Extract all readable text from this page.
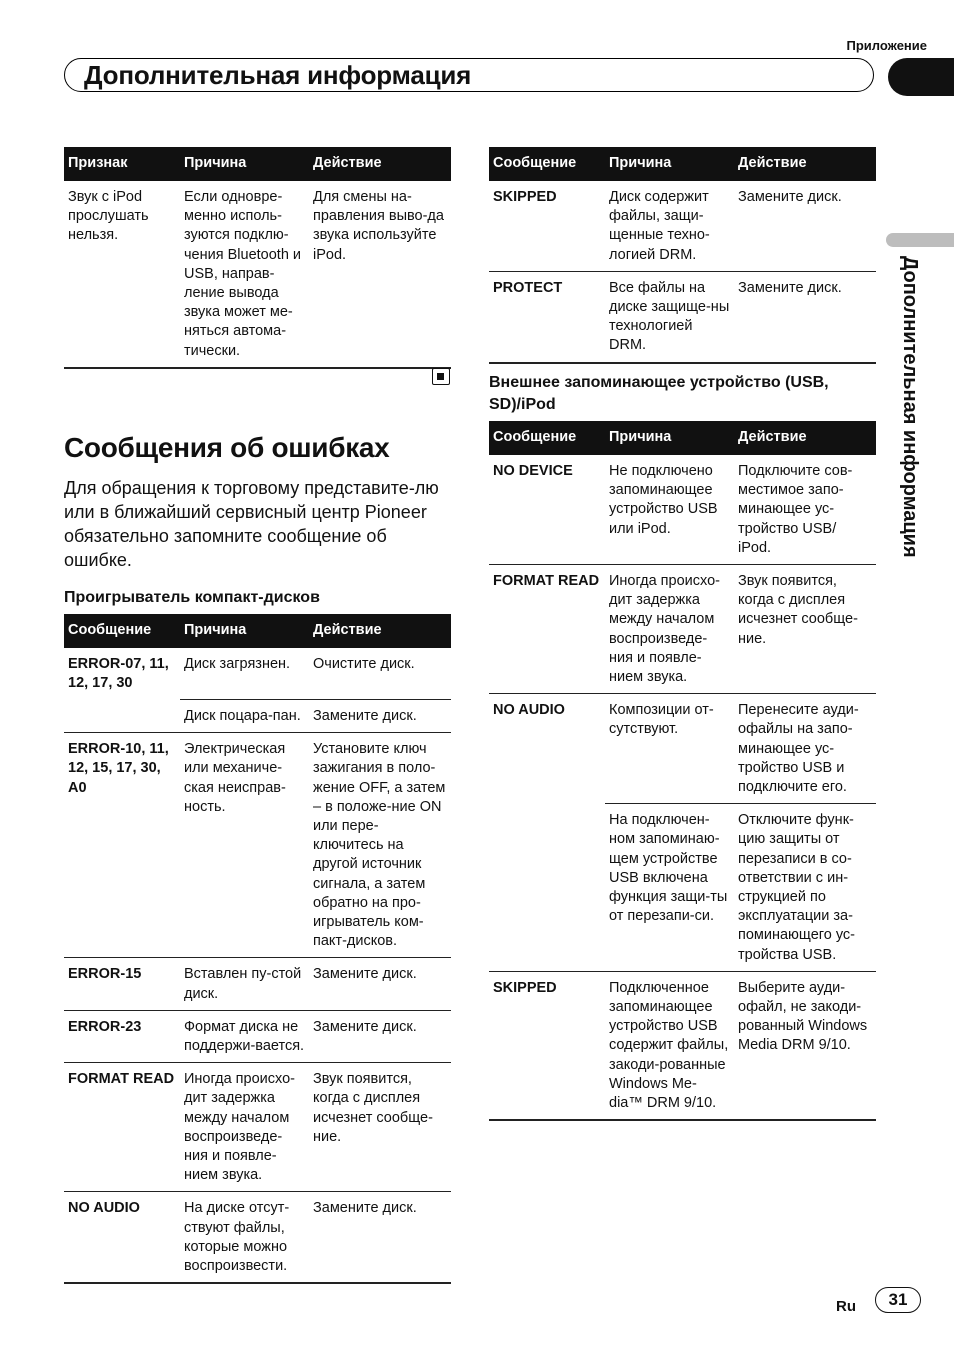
Приложение
Дополнительная информация
Дополнительная информация
Признак	Причина	Действие
Звук с iPod прослушать нельзя.	Если одновре-менно исполь-зуются подклю-чения Bluetooth и USB, направ-ление вывода звука может ме-няться автома-тически.	Для смены на-правления выво-да звука используйте iPod.
Сообщения об ошибках
Для обращения к торговому представите-лю или в ближайший сервисный центр Pioneer обязательно запомните сообщение об ошибке.
Проигрыватель компакт-дисков
Сообщение	Причина	Действие
ERROR-07, 11, 12, 17, 30	Диск загрязнен.	Очистите диск.
	Диск поцара-пан.	Замените диск.
ERROR-10, 11, 12, 15, 17, 30, A0	Электрическая или механиче-ская неисправ-ность.	Установите ключ зажигания в поло-жение OFF, а затем – в положе-ние ON или пере-ключитесь на другой источник сигнала, а затем обратно на про-игрыватель ком-пакт-дисков.
ERROR-15	Вставлен пу-стой диск.	Замените диск.
ERROR-23	Формат диска не поддержи-вается.	Замените диск.
FORMAT READ	Иногда происхо-дит задержка между началом воспроизведе-ния и появле-нием звука.	Звук появится, когда с дисплея исчезнет сообще-ние.
NO AUDIO	На диске отсут-ствуют файлы, которые можно воспроизвести.	Замените диск.
Сообщение	Причина	Действие
SKIPPED	Диск содержит файлы, защи-щенные техно-логией DRM.	Замените диск.
PROTECT	Все файлы на диске защище-ны технологией DRM.	Замените диск.
Внешнее запоминающее устройство (USB, SD)/iPod
Сообщение	Причина	Действие
NO DEVICE	Не подключено запоминающее устройство USB или iPod.	Подключите сов-местимое запо-минающее ус-тройство USB/ iPod.
FORMAT READ	Иногда происхо-дит задержка между началом воспроизведе-ния и появле-нием звука.	Звук появится, когда с дисплея исчезнет сообще-ние.
NO AUDIO	Композиции от-сутствуют.	Перенесите ауди-офайлы на запо-минающее ус-тройство USB и подключите его.
	На подключен-ном запоминаю-щем устройстве USB включена функция защи-ты от перезапи-си.	Отключите функ-цию защиты от перезаписи в со-ответствии с ин-струкцией по эксплуатации за-поминающего ус-тройства USB.
SKIPPED	Подключенное запоминающее устройство USB содержит файлы, закоди-рованные Windows Me-dia™ DRM 9/10.	Выберите ауди-офайл, не закоди-рованный Windows Media DRM 9/10.
Ru	31
